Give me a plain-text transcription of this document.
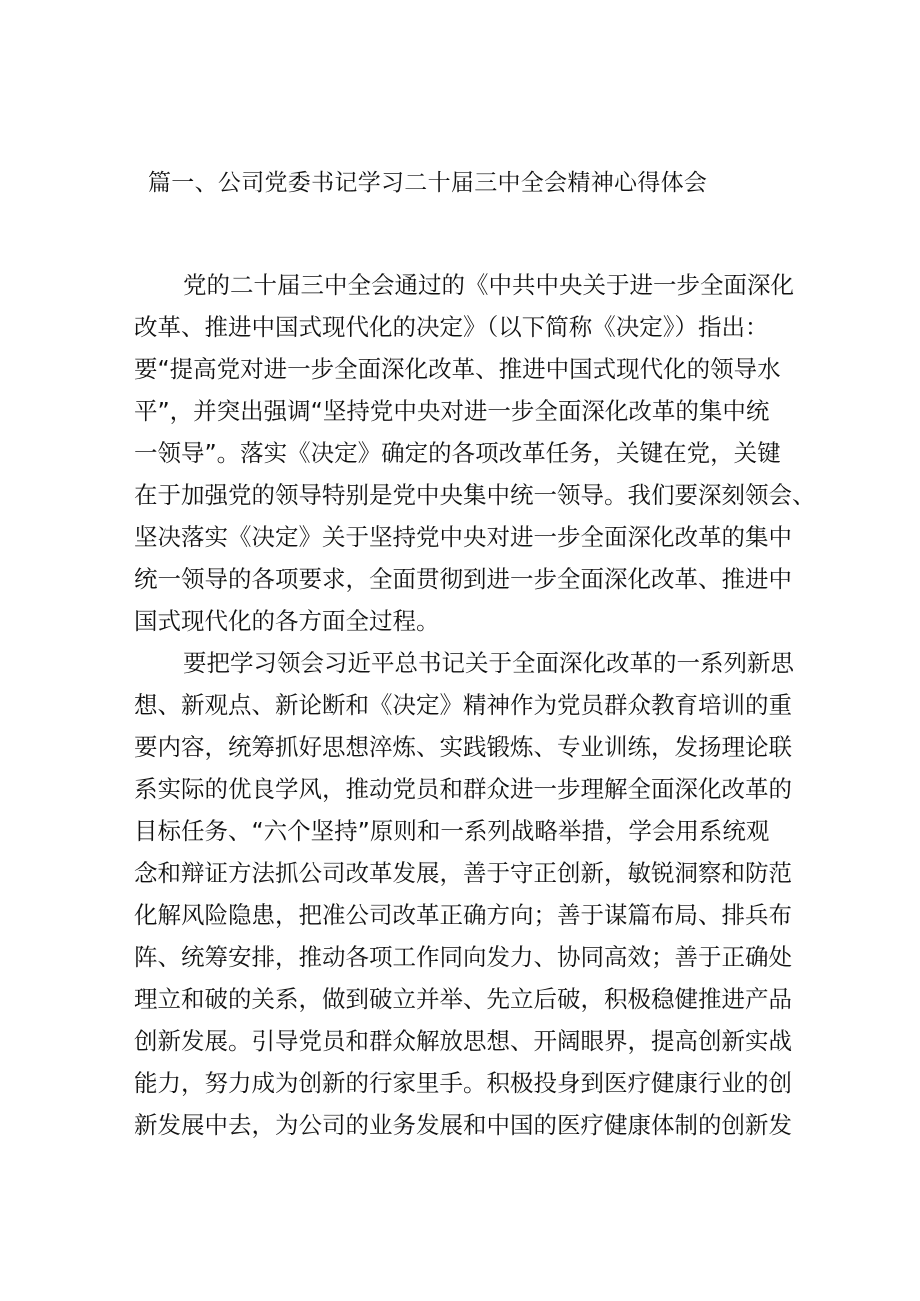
篇一、公司党委书记学习二十届三中全会精神心得体会

党的二十届三中全会通过的《中共中央关于进一步全面深化

改革、推进中国式现代化的决定》（以下简称《决定》）指出：

要“提高党对进一步全面深化改革、推进中国式现代化的领导水

平”，并突出强调“坚持党中央对进一步全面深化改革的集中统

一领导”。落实《决定》确定的各项改革任务，关键在党，关键

在于加强党的领导特别是党中央集中统一领导。我们要深刻领会、

坚决落实《决定》关于坚持党中央对进一步全面深化改革的集中

统一领导的各项要求，全面贯彻到进一步全面深化改革、推进中

国式现代化的各方面全过程。

要把学习领会习近平总书记关于全面深化改革的一系列新思

想、新观点、新论断和《决定》精神作为党员群众教育培训的重

要内容，统筹抓好思想淬炼、实践锻炼、专业训练，发扬理论联

系实际的优良学风，推动党员和群众进一步理解全面深化改革的

目标任务、“六个坚持”原则和一系列战略举措，学会用系统观

念和辩证方法抓公司改革发展，善于守正创新，敏锐洞察和防范

化解风险隐患，把准公司改革正确方向；善于谋篇布局、排兵布

阵、统筹安排，推动各项工作同向发力、协同高效；善于正确处

理立和破的关系，做到破立并举、先立后破，积极稳健推进产品

创新发展。引导党员和群众解放思想、开阔眼界，提高创新实战

能力，努力成为创新的行家里手。积极投身到医疗健康行业的创

新发展中去，为公司的业务发展和中国的医疗健康体制的创新发
